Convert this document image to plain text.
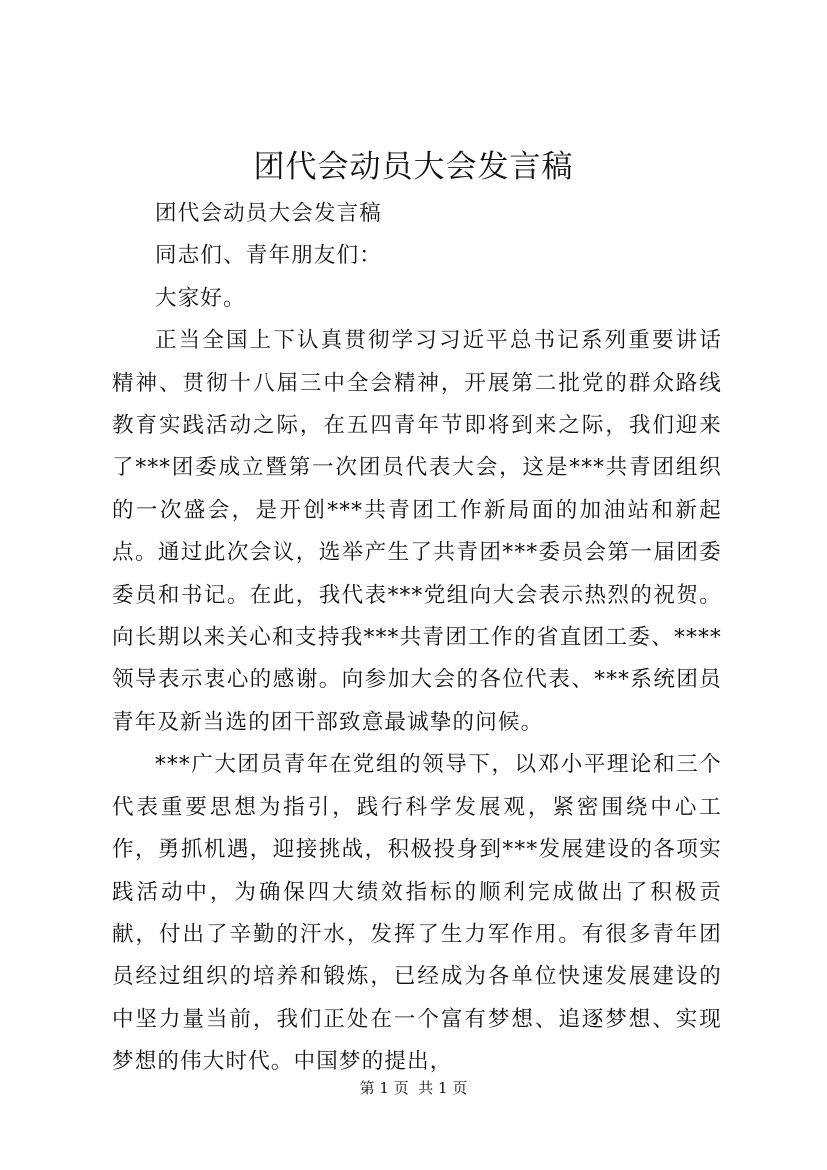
团代会动员大会发言稿

团代会动员大会发言稿

同志们、青年朋友们：

大家好。

正当全国上下认真贯彻学习习近平总书记系列重要讲话精神、贯彻十八届三中全会精神，开展第二批党的群众路线教育实践活动之际，在五四青年节即将到来之际，我们迎来了***团委成立暨第一次团员代表大会，这是***共青团组织的一次盛会，是开创***共青团工作新局面的加油站和新起点。通过此次会议，选举产生了共青团***委员会第一届团委委员和书记。在此，我代表***党组向大会表示热烈的祝贺。向长期以来关心和支持我***共青团工作的省直团工委、****领导表示衷心的感谢。向参加大会的各位代表、***系统团员青年及新当选的团干部致意最诚挚的问候。

***广大团员青年在党组的领导下，以邓小平理论和三个代表重要思想为指引，践行科学发展观，紧密围绕中心工作，勇抓机遇，迎接挑战，积极投身到***发展建设的各项实践活动中，为确保四大绩效指标的顺利完成做出了积极贡献，付出了辛勤的汗水，发挥了生力军作用。有很多青年团员经过组织的培养和锻炼，已经成为各单位快速发展建设的中坚力量当前，我们正处在一个富有梦想、追逐梦想、实现梦想的伟大时代。中国梦的提出，

第 1 页  共 1 页
